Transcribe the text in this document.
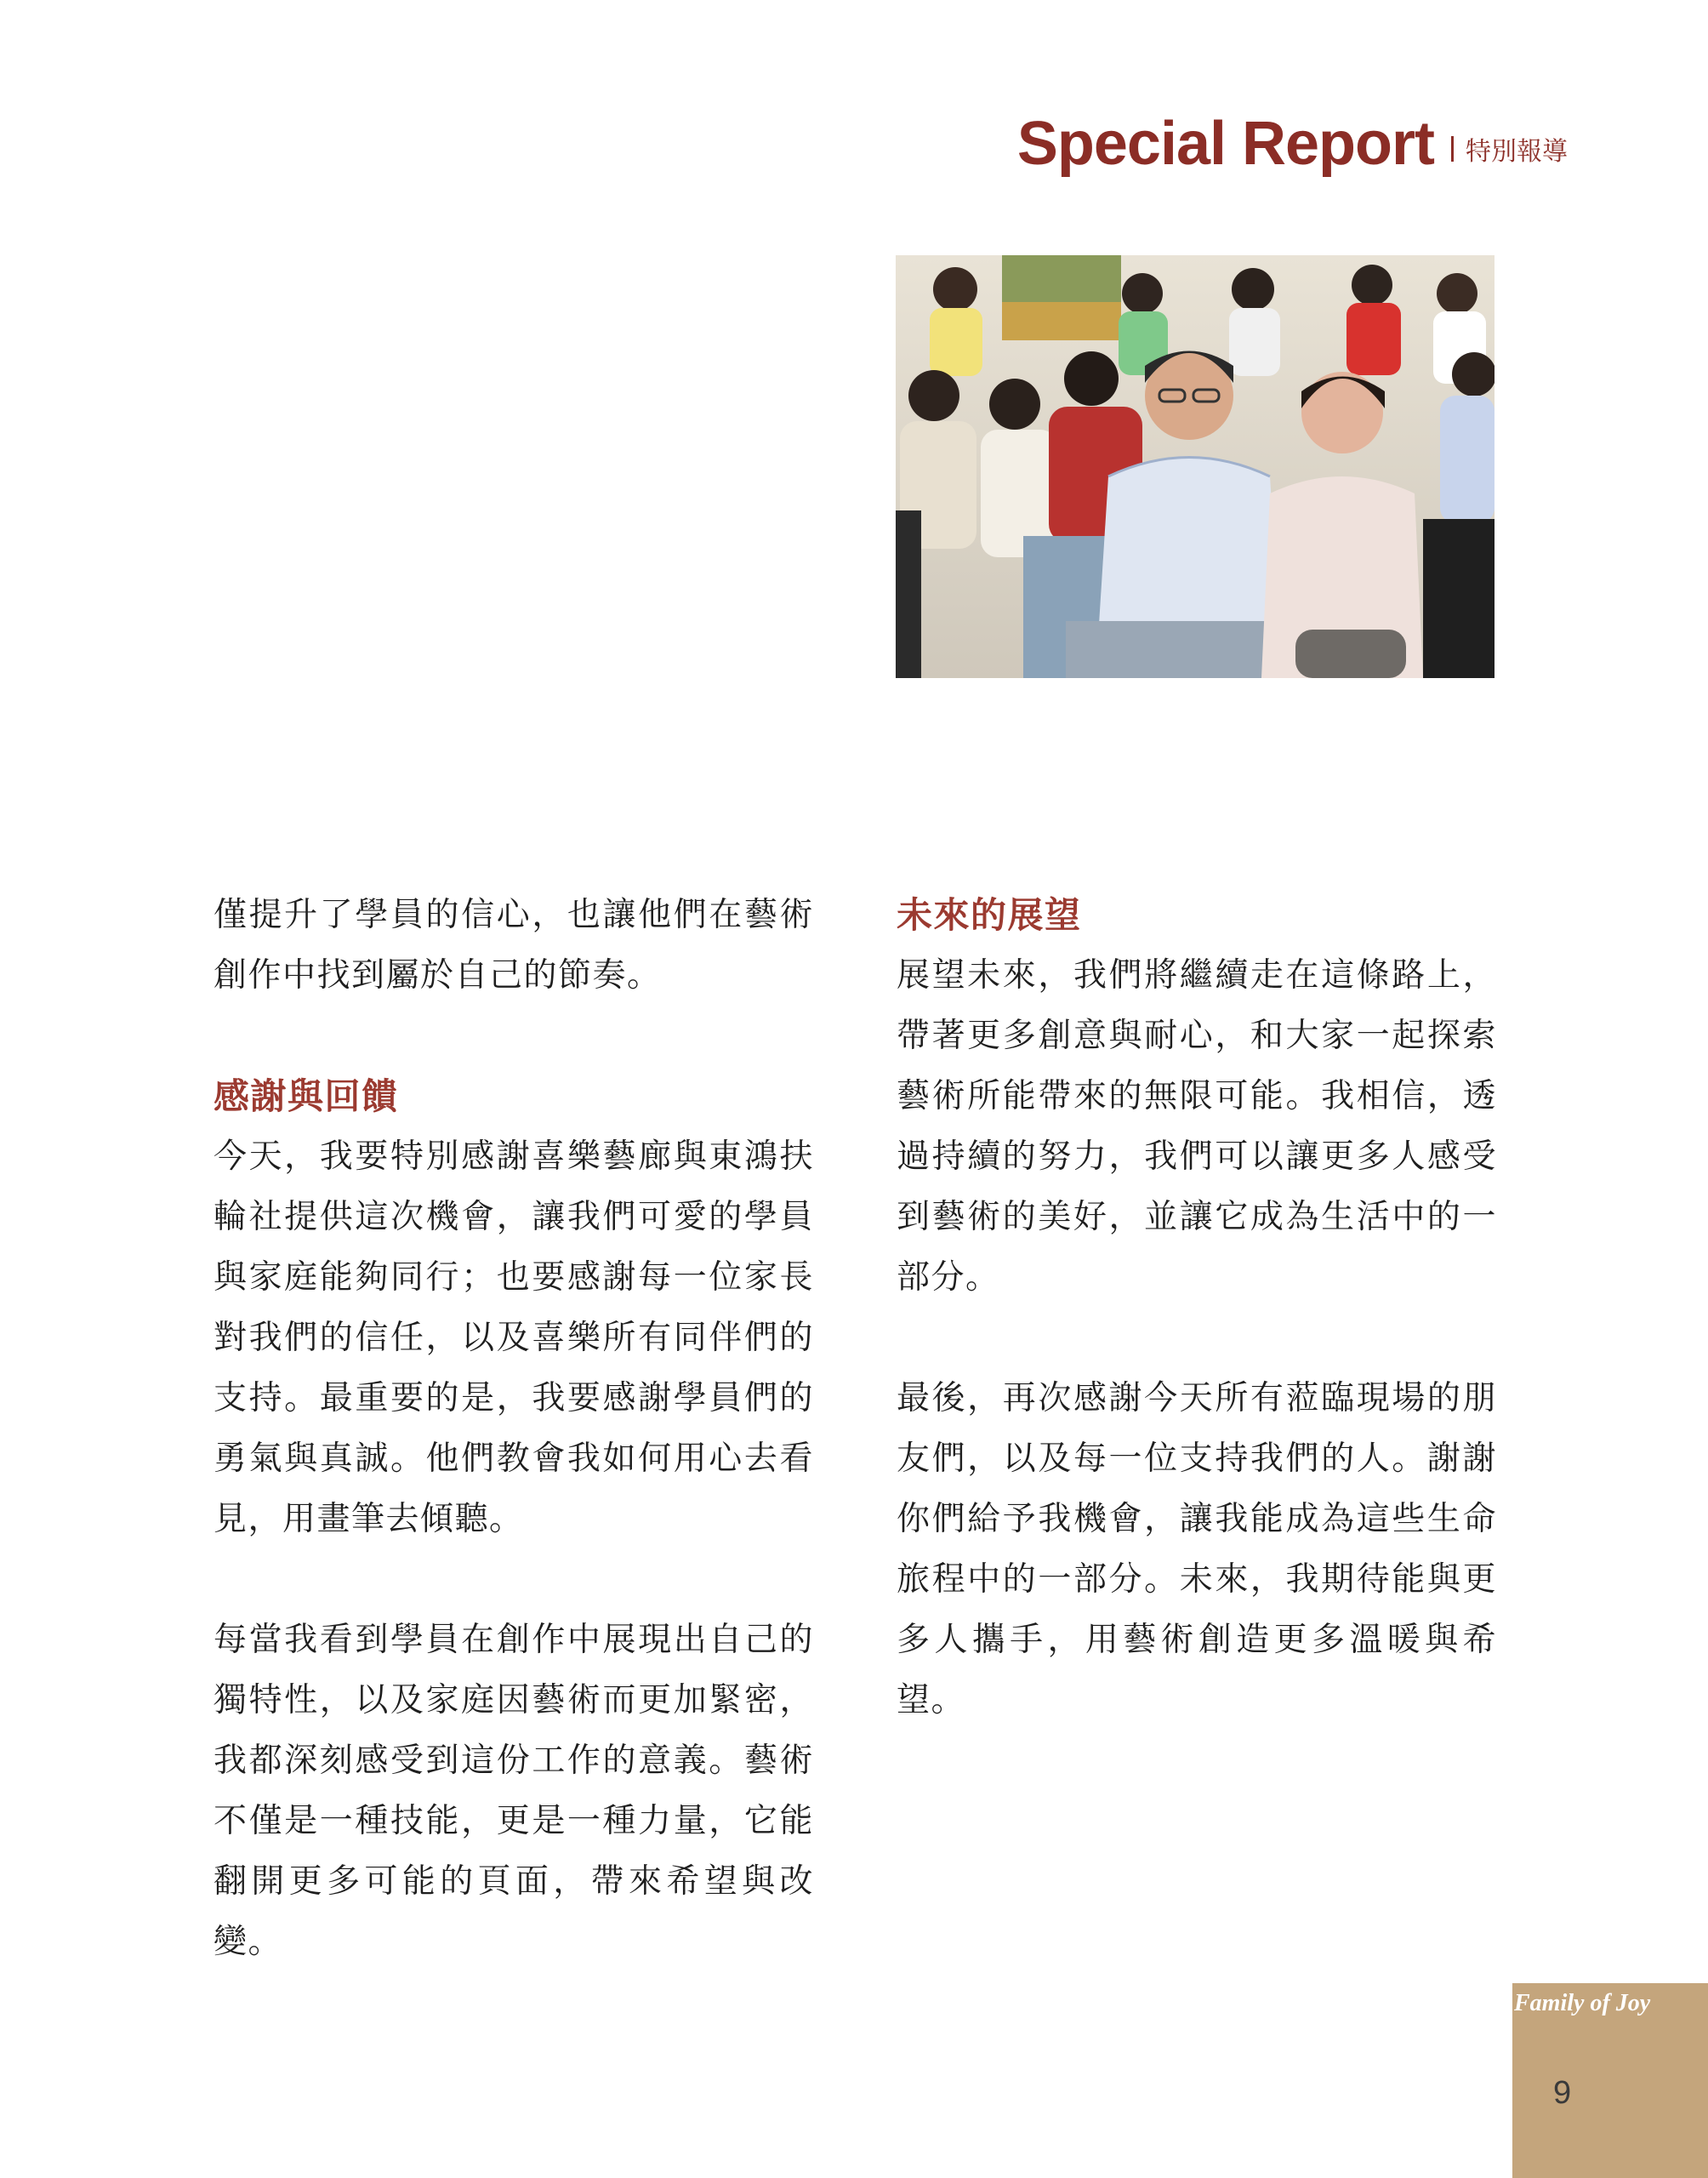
Special Report 特別報導

僅提升了學員的信心，也讓他們在藝術創作中找到屬於自己的節奏。

感謝與回饋

今天，我要特別感謝喜樂藝廊與東鴻扶輪社提供這次機會，讓我們可愛的學員與家庭能夠同行；也要感謝每一位家長對我們的信任，以及喜樂所有同伴們的支持。最重要的是，我要感謝學員們的勇氣與真誠。他們教會我如何用心去看見，用畫筆去傾聽。

每當我看到學員在創作中展現出自己的獨特性，以及家庭因藝術而更加緊密，我都深刻感受到這份工作的意義。藝術不僅是一種技能，更是一種力量，它能翻開更多可能的頁面，帶來希望與改變。

未來的展望

展望未來，我們將繼續走在這條路上，帶著更多創意與耐心，和大家一起探索藝術所能帶來的無限可能。我相信，透過持續的努力，我們可以讓更多人感受到藝術的美好，並讓它成為生活中的一部分。

最後，再次感謝今天所有蒞臨現場的朋友們，以及每一位支持我們的人。謝謝你們給予我機會，讓我能成為這些生命旅程中的一部分。未來，我期待能與更多人攜手，用藝術創造更多溫暖與希望。

Family of Joy
9
